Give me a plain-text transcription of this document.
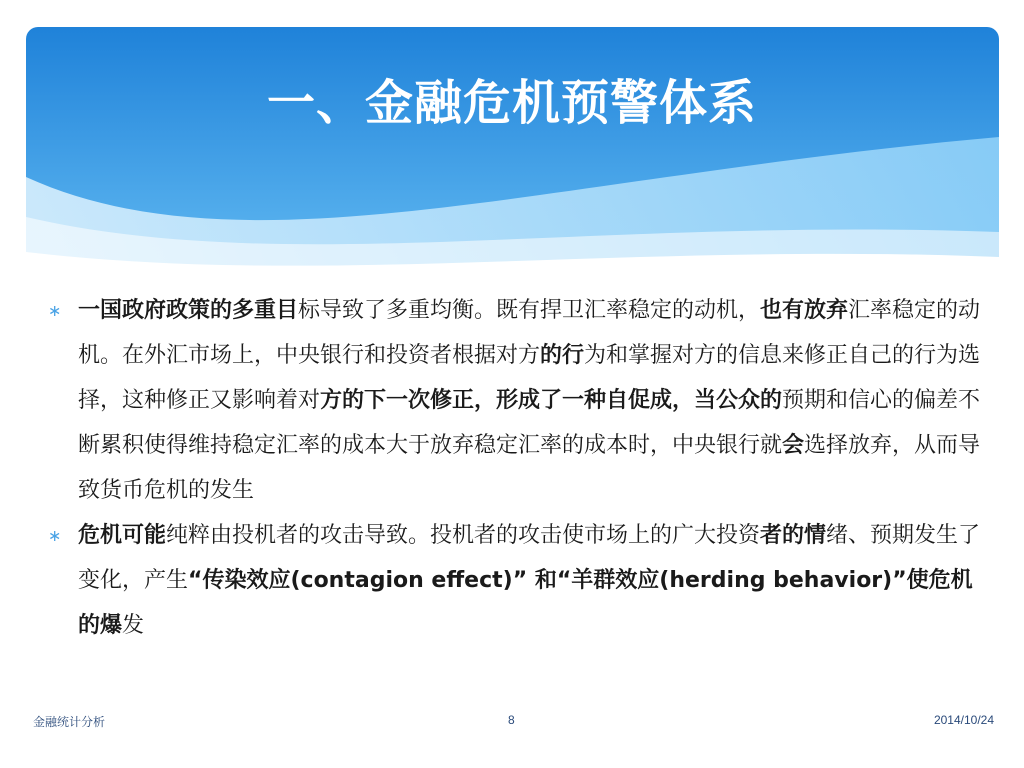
一、金融危机预警体系
∗ 一国政府政策的多重目标导致了多重均衡。既有捍卫汇率稳定的动机，也有放弃汇率稳定的动机。在外汇市场上，中央银行和投资者根据对方的行为和掌握对方的信息来修正自己的行为选择，这种修正又影响着对方的下一次修正，形成了一种自促成，当公众的预期和信心的偏差不断累积使得维持稳定汇率的成本大于放弃稳定汇率的成本时，中央银行就会选择放弃，从而导致货币危机的发生
∗ 危机可能纯粹由投机者的攻击导致。投机者的攻击使市场上的广大投资者的情绪、预期发生了变化，产生“传染效应(contagion effect)” 和“羊群效应(herding behavior)”使危机的爆发
金融统计分析	8	2014/10/24
